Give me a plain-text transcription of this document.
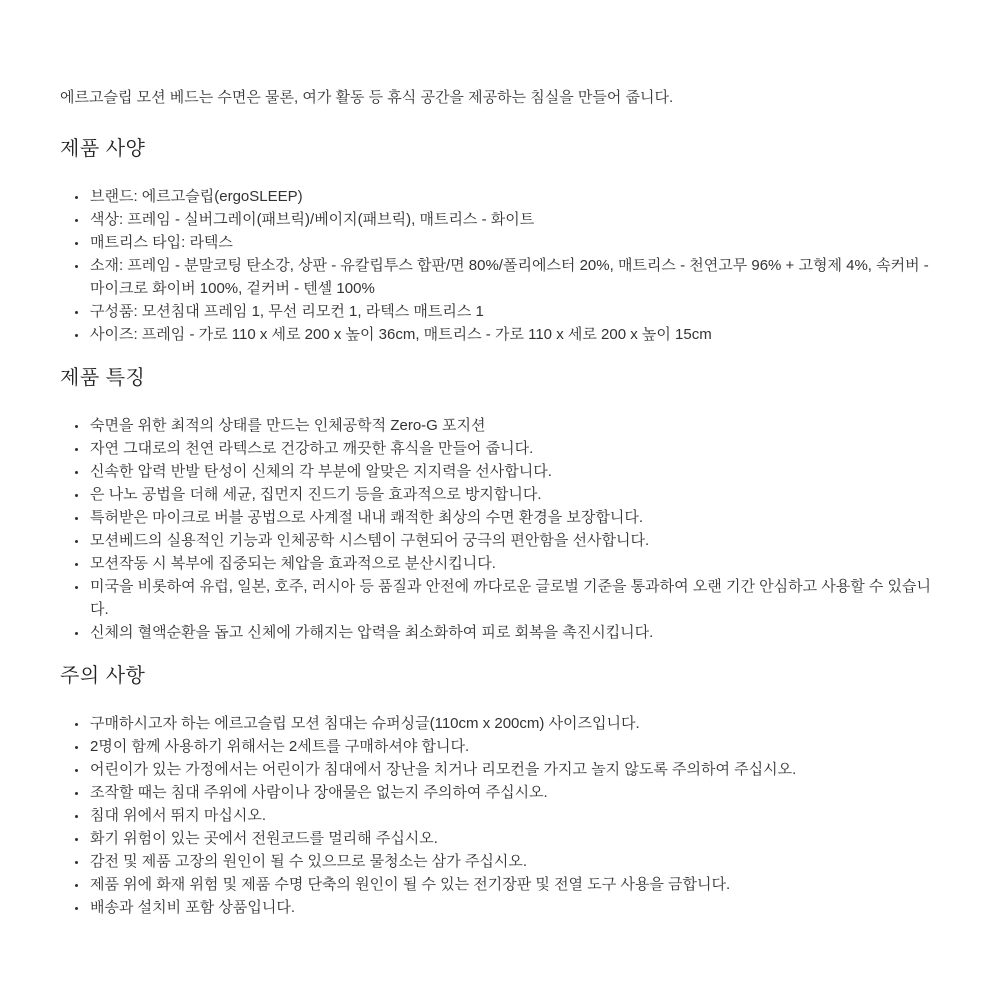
에르고슬립 모션 베드는 수면은 물론, 여가 활동 등 휴식 공간을 제공하는 침실을 만들어 줍니다.

제품 사양
• 브랜드: 에르고슬립(ergoSLEEP)
• 색상: 프레임 - 실버그레이(패브릭)/베이지(패브릭), 매트리스 - 화이트
• 매트리스 타입: 라텍스
• 소재: 프레임 - 분말코팅 탄소강, 상판 - 유칼립투스 합판/면 80%/폴리에스터 20%, 매트리스 - 천연고무 96% + 고형제 4%, 속커버 - 마이크로 화이버 100%, 겉커버 - 텐셀 100%
• 구성품: 모션침대 프레임 1, 무선 리모컨 1, 라텍스 매트리스 1
• 사이즈: 프레임 - 가로 110 x 세로 200 x 높이 36cm, 매트리스 - 가로 110 x 세로 200 x 높이 15cm
제품 특징
• 숙면을 위한 최적의 상태를 만드는 인체공학적 Zero-G 포지션
• 자연 그대로의 천연 라텍스로 건강하고 깨끗한 휴식을 만들어 줍니다.
• 신속한 압력 반발 탄성이 신체의 각 부분에 알맞은 지지력을 선사합니다.
• 은 나노 공법을 더해 세균, 집먼지 진드기 등을 효과적으로 방지합니다.
• 특허받은 마이크로 버블 공법으로 사계절 내내 쾌적한 최상의 수면 환경을 보장합니다.
• 모션베드의 실용적인 기능과 인체공학 시스템이 구현되어 궁극의 편안함을 선사합니다.
• 모션작동 시 복부에 집중되는 체압을 효과적으로 분산시킵니다.
• 미국을 비롯하여 유럽, 일본, 호주, 러시아 등 품질과 안전에 까다로운 글로벌 기준을 통과하여 오랜 기간 안심하고 사용할 수 있습니다.
• 신체의 혈액순환을 돕고 신체에 가해지는 압력을 최소화하여 피로 회복을 촉진시킵니다.
주의 사항
• 구매하시고자 하는 에르고슬립 모션 침대는 슈퍼싱글(110cm x 200cm) 사이즈입니다.
• 2명이 함께 사용하기 위해서는 2세트를 구매하셔야 합니다.
• 어린이가 있는 가정에서는 어린이가 침대에서 장난을 치거나 리모컨을 가지고 놀지 않도록 주의하여 주십시오.
• 조작할 때는 침대 주위에 사람이나 장애물은 없는지 주의하여 주십시오.
• 침대 위에서 뛰지 마십시오.
• 화기 위험이 있는 곳에서 전원코드를 멀리해 주십시오.
• 감전 및 제품 고장의 원인이 될 수 있으므로 물청소는 삼가 주십시오.
• 제품 위에 화재 위험 및 제품 수명 단축의 원인이 될 수 있는 전기장판 및 전열 도구 사용을 금합니다.
• 배송과 설치비 포함 상품입니다.
